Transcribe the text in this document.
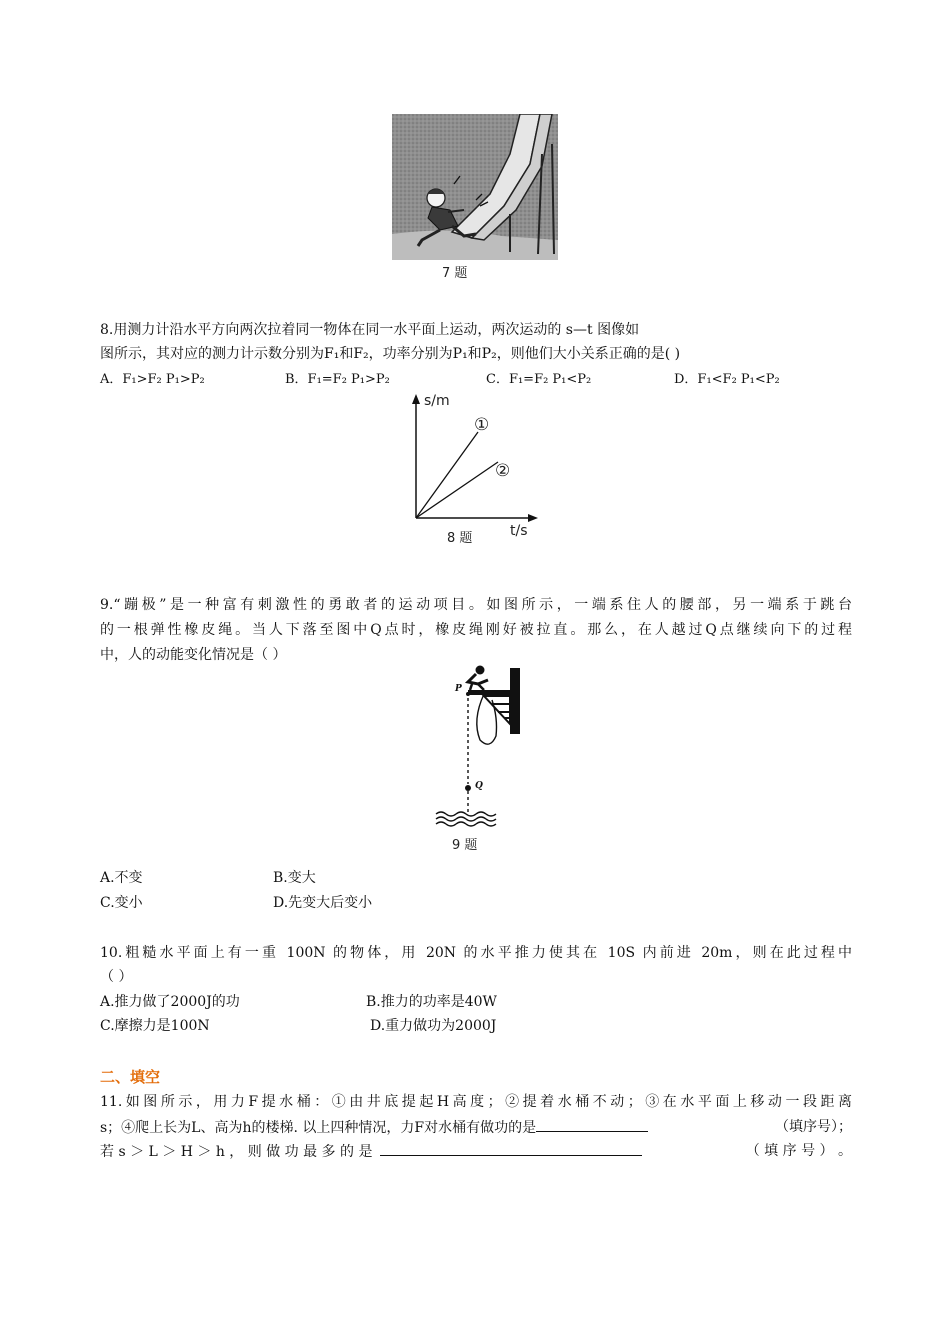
7 题
8.用测力计沿水平方向两次拉着同一物体在同一水平面上运动，两次运动的 s—t 图像如
图所示，其对应的测力计示数分别为F₁和F₂，功率分别为P₁和P₂，则他们大小关系正确的是( )
A．F₁>F₂ P₁>P₂	B．F₁=F₂ P₁>P₂	C．F₁=F₂ P₁<P₂	D．F₁<F₂ P₁<P₂
s/m
t/s
①
②
8 题
9.“蹦极”是一种富有刺激性的勇敢者的运动项目。如图所示，一端系住人的腰部，另一端系于跳台
的一根弹性橡皮绳。当人下落至图中Q点时，橡皮绳刚好被拉直。那么，在人越过Q点继续向下的过程
中，人的动能变化情况是（ ）
P
Q
9 题
A.不变	B.变大
C.变小	D.先变大后变小
10.粗糙水平面上有一重 100N 的物体，用 20N 的水平推力使其在 10S 内前进 20m，则在此过程中
（ ）
A.推力做了2000J的功	B.推力的功率是40W
C.摩擦力是100N	D.重力做功为2000J
二、填空
11.如图所示，用力F提水桶：①由井底提起H高度；②提着水桶不动；③在水平面上移动一段距离
s；④爬上长为L、高为h的楼梯. 以上四种情况，力F对水桶有做功的是	（填序号）；
若 s ＞ L ＞ H ＞ h ， 则 做 功 最 多 的 是	（ 填 序 号 ） 。
